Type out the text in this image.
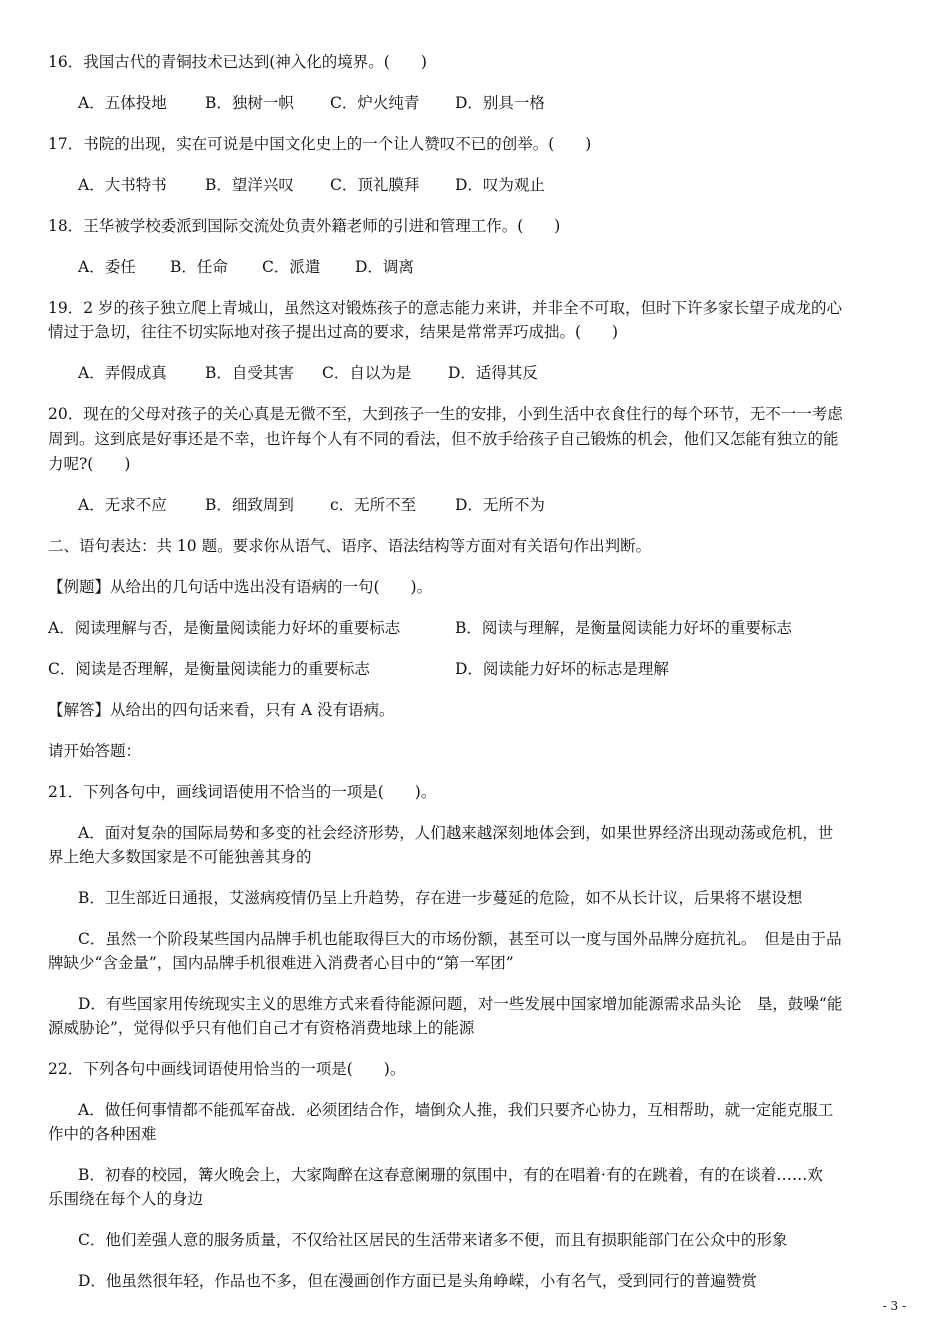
16．我国古代的青铜技术已达到(神入化的境界。(　　)
A．五体投地 B．独树一帜 C．炉火纯青 D．别具一格
17．书院的出现，实在可说是中国文化史上的一个让人赞叹不已的创举。(　　)
A．大书特书 B．望洋兴叹 C．顶礼膜拜 D．叹为观止
18．王华被学校委派到国际交流处负责外籍老师的引进和管理工作。(　　)
A．委任 B．任命 C．派遣 D．调离
19．2 岁的孩子独立爬上青城山，虽然这对锻炼孩子的意志能力来讲，并非全不可取，但时下许多家长望子成龙的心
情过于急切，往往不切实际地对孩子提出过高的要求，结果是常常弄巧成拙。(　　)
A．弄假成真 B．自受其害 C．自以为是 D．适得其反
20．现在的父母对孩子的关心真是无微不至，大到孩子一生的安排，小到生活中衣食住行的每个环节，无不一一考虑
周到。这到底是好事还是不幸，也许每个人有不同的看法，但不放手给孩子自己锻炼的机会，他们又怎能有独立的能
力呢?(　　)
A．无求不应 B．细致周到 c．无所不至	D．无所不为
二、语句表达：共 10 题。要求你从语气、语序、语法结构等方面对有关语句作出判断。
【例题】从给出的几句话中选出没有语病的一句(　　)。
A．阅读理解与否，是衡量阅读能力好坏的重要标志	B．阅读与理解，是衡量阅读能力好坏的重要标志
C．阅读是否理解，是衡量阅读能力的重要标志	D．阅读能力好坏的标志是理解
【解答】从给出的四句话来看，只有 A 没有语病。
请开始答题：
21．下列各句中，画线词语使用不恰当的一项是(　　)。
A．面对复杂的国际局势和多变的社会经济形势，人们越来越深刻地体会到，如果世界经济出现动荡或危机，世
界上绝大多数国家是不可能独善其身的
B．卫生部近日通报，艾滋病疫情仍呈上升趋势，存在进一步蔓延的危险，如不从长计议，后果将不堪设想
C．虽然一个阶段某些国内品牌手机也能取得巨大的市场份额，甚至可以一度与国外品牌分庭抗礼。　但是由于品
牌缺少“含金量”，国内品牌手机很难进入消费者心目中的“第一军团”
D．有些国家用传统现实主义的思维方式来看待能源问题，对一些发展中国家增加能源需求品头论　垦，鼓噪“能
源威胁论”，觉得似乎只有他们自己才有资格消费地球上的能源
22．下列各句中画线词语使用恰当的一项是(　　)。
A．做任何事情都不能孤军奋战．必须团结合作，墙倒众人推，我们只要齐心协力，互相帮助，就一定能克服工
作中的各种困难
B．初春的校园，篝火晚会上，大家陶醉在这春意阑珊的氛围中，有的在唱着·有的在跳着，有的在谈着……欢
乐围绕在每个人的身边
C．他们差强人意的服务质量，不仅给社区居民的生活带来诸多不便，而且有损职能部门在公众中的形象
D．他虽然很年轻，作品也不多，但在漫画创作方面已是头角峥嵘，小有名气，受到同行的普遍赞赏
- 3 -
